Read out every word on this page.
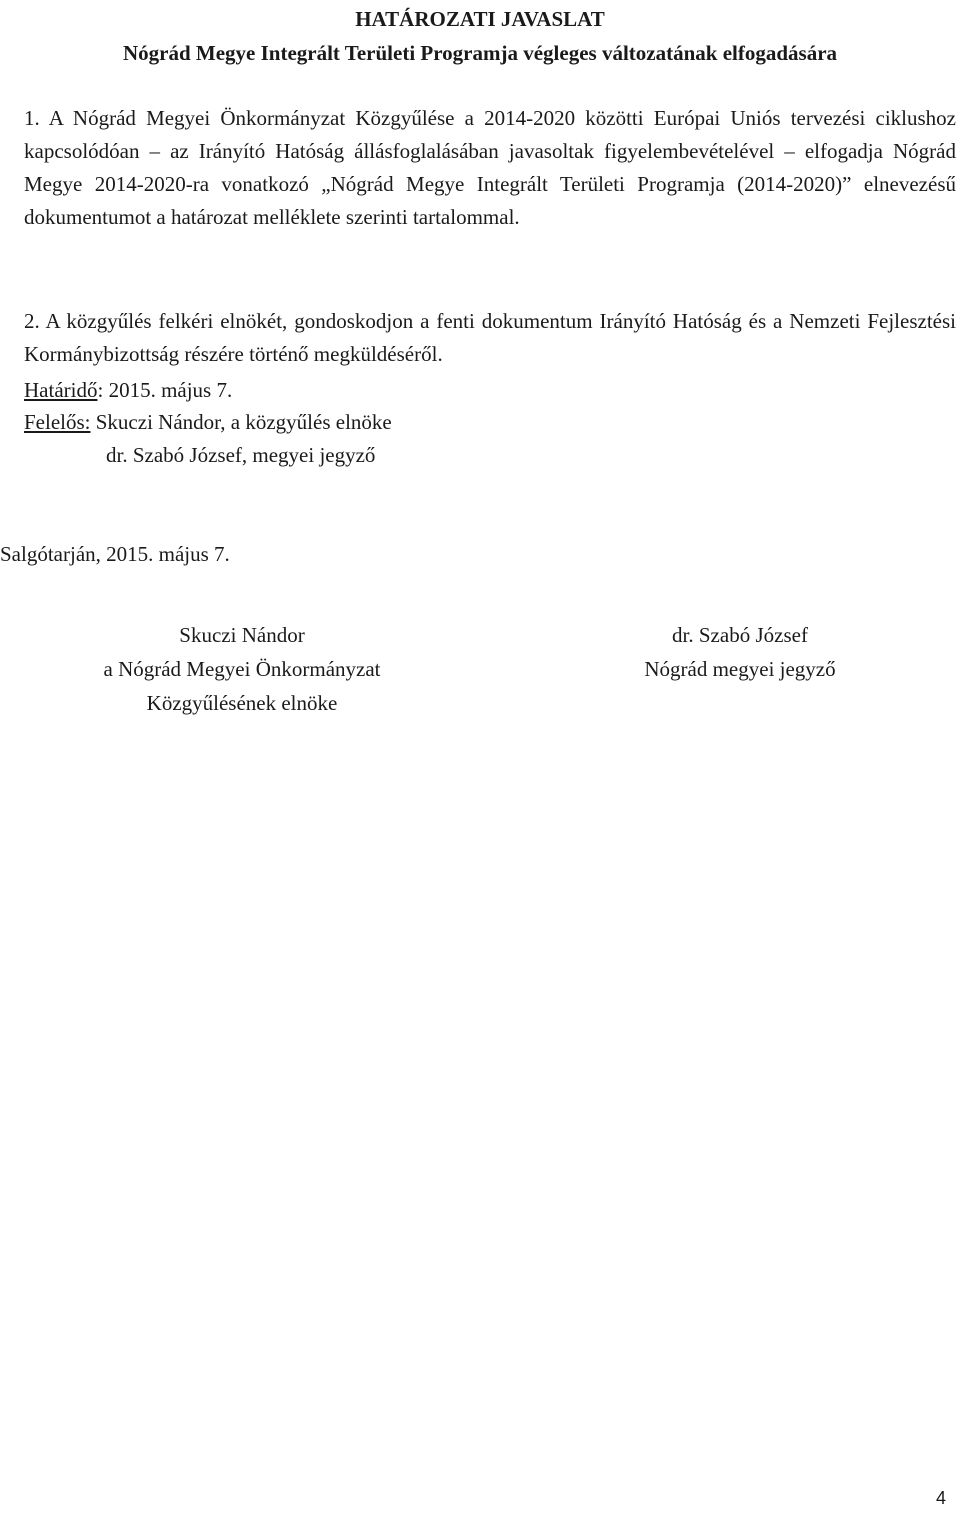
HATÁROZATI JAVASLAT
Nógrád Megye Integrált Területi Programja végleges változatának elfogadására
1. A Nógrád Megyei Önkormányzat Közgyűlése a 2014-2020 közötti Európai Uniós tervezési ciklushoz kapcsolódóan – az Irányító Hatóság állásfoglalásában javasoltak figyelembevételével – elfogadja Nógrád Megye 2014-2020-ra vonatkozó „Nógrád Megye Integrált Területi Programja (2014-2020)” elnevezésű dokumentumot a határozat melléklete szerinti tartalommal.
2. A közgyűlés felkéri elnökét, gondoskodjon a fenti dokumentum Irányító Hatóság és a Nemzeti Fejlesztési Kormánybizottság részére történő megküldéséről.
Határidő: 2015. május 7.
Felelős: Skuczi Nándor, a közgyűlés elnöke
dr. Szabó József, megyei jegyző
Salgótarján, 2015. május 7.
Skuczi Nándor
a Nógrád Megyei Önkormányzat
Közgyűlésének elnöke
dr. Szabó József
Nógrád megyei jegyző
4
